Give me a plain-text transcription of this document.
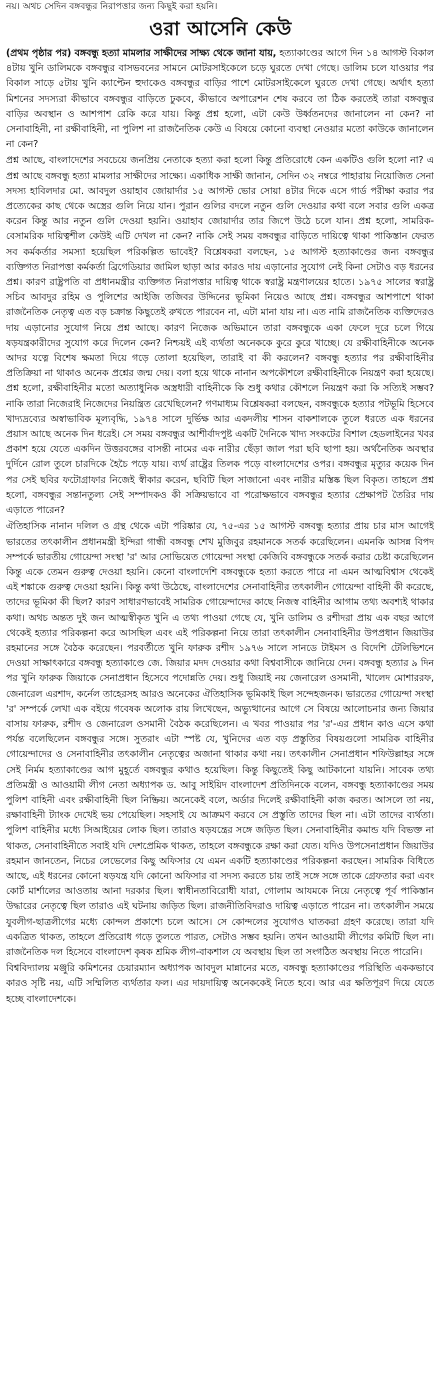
নয়। অথচ সেদিন বঙ্গবন্ধুর নিরাপত্তার জন্য কিছুই করা হয়নি।
ওরা আসেনি কেউ

(প্রথম পৃষ্ঠার পর) বঙ্গবন্ধু হত্যা মামলার সাক্ষীদের সাক্ষ্য থেকে জানা যায়, হত্যাকাণ্ডের আগে দিন ১৪ আগস্ট বিকাল ৪টায় খুনি ডালিমকে বঙ্গবন্ধুর বাসভবনের সামনে মোটরসাইকেলে চড়ে ঘুরতে দেখা গেছে। ডালিম চলে যাওয়ার পর বিকাল সাড়ে ৫টায় খুনি ক্যাপ্টেন হুদাকেও বঙ্গবন্ধুর বাড়ির পাশে মোটরসাইকেলে ঘুরতে দেখা গেছে। অর্থাৎ হত্যা মিশনের সদস্যরা কীভাবে বঙ্গবন্ধুর বাড়িতে ঢুকবে, কীভাবে অপারেশন শেষ করবে তা ঠিক করতেই তারা বঙ্গবন্ধুর বাড়ির অবস্থান ও আশপাশ রেকি করে যায়। কিন্তু প্রশ্ন হলো, এটা কেউ উর্ধ্বতনদের জানালেন না কেন? না সেনাবাহিনী, না রক্ষীবাহিনী, না পুলিশ না রাজনৈতিক কেউ এ বিষয়ে কোনো ব্যবস্থা নেওয়ার মতো কাউকে জানালেন না কেন?

প্রশ্ন আছে, বাংলাদেশের সবচেয়ে জনপ্রিয় নেতাকে হত্যা করা হলো কিন্তু প্রতিরোধে কেন একটিও গুলি হলো না? এ প্রশ্ন আছে বঙ্গবন্ধু হত্যা মামলার সাক্ষীদের সাক্ষ্যে। একাধিক সাক্ষী জানান, সেদিন ৩২ নম্বরে পাহারায় নিয়োজিত সেনা সদস্য হাবিলদার মো. আবদুল ওয়াহাব জোয়ার্দার ১৫ আগস্ট ভোর সোয়া ৪টার দিকে এসে গার্ড পরীক্ষা করার পর প্রত্যেকের কাছ থেকে অস্ত্রের গুলি নিয়ে যান। পুরান গুলির বদলে নতুন গুলি দেওয়ার কথা বলে সবার গুলি একত্র করেন কিন্তু আর নতুন গুলি দেওয়া হয়নি। ওয়াহাব জোয়ার্দার তার জিপে উঠে চলে যান। প্রশ্ন হলো, সামরিক-বেসামরিক দায়িত্বশীল কেউই এটি দেখল না কেন? নাকি সেই সময় বঙ্গবন্ধুর বাড়িতে দায়িত্বে থাকা পাকিস্তান ফেরত সব কর্মকর্তার সমস্যা হয়েছিল পরিকল্পিত ভাবেই? বিশ্লেষকরা বলছেন, ১৫ আগস্ট হত্যাকাণ্ডের জন্য বঙ্গবন্ধুর ব্যক্তিগত নিরাপত্তা কর্মকর্তা ব্রিগেডিয়ার জামিল ছাড়া আর কারও দায় এড়ানোর সুযোগ নেই কিনা সেটাও বড় ধরনের প্রশ্ন। কারণ রাষ্ট্রপতি বা প্রধানমন্ত্রীর ব্যক্তিগত নিরাপত্তার দায়িত্ব থাকে স্বরাষ্ট্র মন্ত্রণালয়ের হাতে। ১৯৭৫ সালের স্বরাষ্ট্র সচিব আবদুর রহিম ও পুলিশের আইজি তজিবর উদ্দিনের ভূমিকা নিয়েও আছে প্রশ্ন। বঙ্গবন্ধুর আশপাশে থাকা রাজনৈতিক নেতৃত্ব এত বড় চক্রান্ত কিছুতেই রুখতে পারবেন না, এটা মানা যায় না। এত নামি রাজনৈতিক ব্যক্তিদেরও দায় এড়ানোর সুযোগ নিয়ে প্রশ্ন আছে। কারণ নিজেক অভিমানে তারা বঙ্গবন্ধুকে একা ফেলে দূরে চলে গিয়ে ষড়যন্ত্রকারীদের সুযোগ করে দিলেন কেন? নিশ্চয়ই এই ব্যর্থতা অনেককে কুরে কুরে খাচ্ছে। যে রক্ষীবাহিনীকে অনেক আদর যত্নে বিশেষ ক্ষমতা দিয়ে গড়ে তোলা হয়েছিল, তারাই বা কী করলেন? বঙ্গবন্ধু হত্যার পর রক্ষীবাহিনীর প্রতিক্রিয়া না থাকাও অনেক প্রশ্নের জন্ম দেয়। বলা হয়ে থাকে নানান অপকৌশলে রক্ষীবাহিনীকে নিয়ন্ত্রণ করা হয়েছে। প্রশ্ন হলো, রক্ষীবাহিনীর মতো অত্যাধুনিক অস্ত্রধারী বাহিনীকে কি শুধু কথার কৌশলে নিয়ন্ত্রণ করা কি সত্যিই সম্ভব? নাকি তারা নিজেরাই নিজেদের নিয়ন্ত্রিত রেখেছিলেন? গণমাধ্যম বিশ্লেষকরা বলছেন, বঙ্গবন্ধুকে হত্যার পটভূমি হিসেবে খাদ্যদ্রব্যের অস্বাভাবিক মূল্যবৃদ্ধি, ১৯৭৪ সালে দুর্ভিক্ষ আর একদলীয় শাসন বাকশালকে তুলে ধরতে এক ধরনের প্রয়াস আছে অনেক দিন ধরেই। সে সময় বঙ্গবন্ধুর আশীর্বাদপুষ্ট একটি দৈনিকে খাদ্য সংকটের বিশাল হেডলাইনের খবর প্রকাশ হয়ে যেতে একদিন উত্তরবঙ্গের বাসন্তী নামের এক নারীর ছেঁড়া জাল পরা ছবি ছাপা হয়। অর্থনৈতিক অবস্থার দুর্দিনে রোল তুলে চারদিকে হৈচৈ পড়ে যায়। ব্যর্থ রাষ্ট্রের তিলক পড়ে বাংলাদেশের ওপর। বঙ্গবন্ধুর মৃত্যুর কয়েক দিন পর সেই ছবির ফটোগ্রাফার নিজেই স্বীকার করেন, ছবিটি ছিল সাজানো এবং নারীর মস্তিষ্ক ছিল বিকৃত। তাহলে প্রশ্ন হলো, বঙ্গবন্ধুর সন্তানতুল্য সেই সম্পাদকও কী সক্রিয়ভাবে বা পরোক্ষভাবে বঙ্গবন্ধুর হত্যার প্রেক্ষাপট তৈরির দায় এড়াতে পারেন?

ঐতিহাসিক নানান দলিল ও গ্রন্থ থেকে এটা পরিষ্কার যে, ৭৫-এর ১৫ আগস্ট বঙ্গবন্ধু হত্যার প্রায় চার মাস আগেই ভারতের তৎকালীন প্রধানমন্ত্রী ইন্দিরা গান্ধী বঙ্গবন্ধু শেখ মুজিবুর রহমানকে সতর্ক করেছিলেন। এমনকি আসন্ন বিপদ সম্পর্কে ভারতীয় গোয়েন্দা সংস্থা 'র' আর সোভিয়েত গোয়েন্দা সংস্থা কেজিবি বঙ্গবন্ধুকে সতর্ক করার চেষ্টা করেছিলেন কিন্তু একে তেমন গুরুত্ব দেওয়া হয়নি। কেনো বাংলাদেশি বঙ্গবন্ধুকে হত্যা করতে পারে না এমন আত্মবিশ্বাস থেকেই এই শঙ্কাকে গুরুত্ব দেওয়া হয়নি। কিন্তু কথা উঠেছে, বাংলাদেশের সেনাবাহিনীর তৎকালীন গোয়েন্দা বাহিনী কী করেছে, তাদের ভূমিকা কী ছিল? কারণ সাধারণভাবেই সামরিক গোয়েন্দাদের কাছে নিজস্ব বাহিনীর আগাম তথ্য অবশ্যই থাকার কথা। অথচ অন্তত দুই জন আত্মস্বীকৃত খুনি এ তথ্য পাওয়া গেছে যে, খুনি ডালিম ও রশীদরা প্রায় এক বছর আগে থেকেই হত্যার পরিকল্পনা করে আসছিল এবং এই পরিকল্পনা নিয়ে তারা তৎকালীন সেনাবাহিনীর উপপ্রধান জিয়াউর রহমানের সঙ্গে বৈঠক করেছেন। পরবর্তীতে খুনি ফারুক রশীদ ১৯৭৬ সালে সানডে টাইমস ও বিদেশি টেলিভিশনে দেওয়া সাক্ষাৎকারে বঙ্গবন্ধু হত্যাকাণ্ডে জে. জিয়ার মদদ দেওয়ার কথা বিশ্ববাসীকে জানিয়ে দেন। বঙ্গবন্ধু হত্যার ৯ দিন পর খুনি ফারুক জিয়াকে সেনাপ্রধান হিসেবে পদোন্নতি দেয়। শুধু জিয়াই নয় জেনারেল ওসমানী, খালেদ মোশাররফ, জেনারেল এরশাদ, কর্নেল তাহেরসহ আরও অনেকের ঐতিহাসিক ভূমিকাই ছিল সন্দেহজনক। ভারতের গোয়েন্দা সংস্থা 'র' সম্পর্কে লেখা এক বইয়ে গবেষক অলোক রায় লিখেছেন, অভ্যুত্থানের আগে সে বিষয়ে আলোচনার জন্য জিয়ার বাসায় ফারুক, রশীদ ও জেনারেল ওসমানী বৈঠক করেছিলেন। এ খবর পাওয়ার পর 'র'-এর প্রধান কাও এসে কথা পর্যন্ত বলেছিলেন বঙ্গবন্ধুর সঙ্গে। সুতরাং এটা স্পষ্ট যে, খুনিদের এত বড় প্রস্তুতির বিষয়গুলো সামরিক বাহিনীর গোয়েন্দাদের ও সেনাবাহিনীর তৎকালীন নেতৃত্বের অজানা থাকার কথা নয়। তৎকালীন সেনাপ্রধান শফিউল্লাহর সঙ্গে সেই নির্মম হত্যাকাণ্ডের আগ মুহূর্তে বঙ্গবন্ধুর কথাও হয়েছিল। কিন্তু কিছুতেই কিছু আটকানো যায়নি। সাবেক তথ্য প্রতিমন্ত্রী ও আওয়ামী লীগ নেতা অধ্যাপক ড. আবু সাইয়িদ বাংলাদেশ প্রতিদিনকে বলেন, বঙ্গবন্ধু হত্যাকাণ্ডের সময় পুলিশ বাহিনী এবং রক্ষীবাহিনী ছিল নিষ্ক্রিয়। অনেকেই বলে, অর্ডার দিলেই রক্ষীবাহিনী কাজ করত। আসলে তা নয়, রক্ষাবাহিনী ট্যাংক দেখেই ভয় পেয়েছিল। সহসাই যে আক্রমণ করবে সে প্রস্তুতি তাদের ছিল না। এটা তাদের ব্যর্থতা। পুলিশ বাহিনীর মধ্যে সিআইয়ের লোক ছিল। তারাও ষড়যন্ত্রের সঙ্গে জড়িত ছিল। সেনাবাহিনীর কমান্ড যদি বিভক্ত না থাকত, সেনাবাহিনীতে সবাই যদি দেশপ্রেমিক থাকত, তাহলে বঙ্গবন্ধুকে রক্ষা করা যেত। যদিও উপসেনাপ্রধান জিয়াউর রহমান জানতেন, নিচের লেভেলের কিছু অফিসার যে এমন একটি হত্যাকাণ্ডের পরিকল্পনা করছেন। সামরিক বিধিতে আছে, এই ধরনের কোনো ষড়যন্ত্র যদি কোনো অফিসার বা সদস্য করতে চায় তাই সঙ্গে সঙ্গে তাকে গ্রেফতার করা এবং কোর্ট মার্শালের আওতায় আনা দরকার ছিল। স্বাধীনতাবিরোধী যারা, গোলাম আযমকে নিয়ে নেতৃত্বে পূর্ব পাকিস্তান উদ্ধারের নেতৃত্বে ছিল তারাও এই ঘটনায় জড়িত ছিল। রাজনীতিবিদরাও দায়িত্ব এড়াতে পারেন না। তৎকালীন সময়ে যুবলীগ-ছাত্রলীগের মধ্যে কোন্দল প্রকাশ্যে চলে আসে। সে কোন্দলের সুযোগও ঘাতকরা গ্রহণ করেছে। তারা যদি একত্রিত থাকত, তাহলে প্রতিরোধ গড়ে তুলতে পারত, সেটাও সম্ভব হয়নি। তখন আওয়ামী লীগের কমিটি ছিল না। রাজনৈতিক দল হিসেবে বাংলাদেশ কৃষক শ্রমিক লীগ-বাকশাল যে অবস্থায় ছিল তা সংগঠিত অবস্থায় নিতে পারেনি।

বিশ্ববিদ্যালয় মঞ্জুরি কমিশনের চেয়ারম্যান অধ্যাপক আবদুল মান্নানের মতে, বঙ্গবন্ধু হত্যাকাণ্ডের পরিস্থিতি এককভাবে কারও সৃষ্টি নয়, এটি সম্মিলিত ব্যর্থতার ফল। এর দায়দায়িত্ব অনেককেই নিতে হবে। আর এর ক্ষতিপূরণ দিয়ে যেতে হচ্ছে বাংলাদেশকে।
